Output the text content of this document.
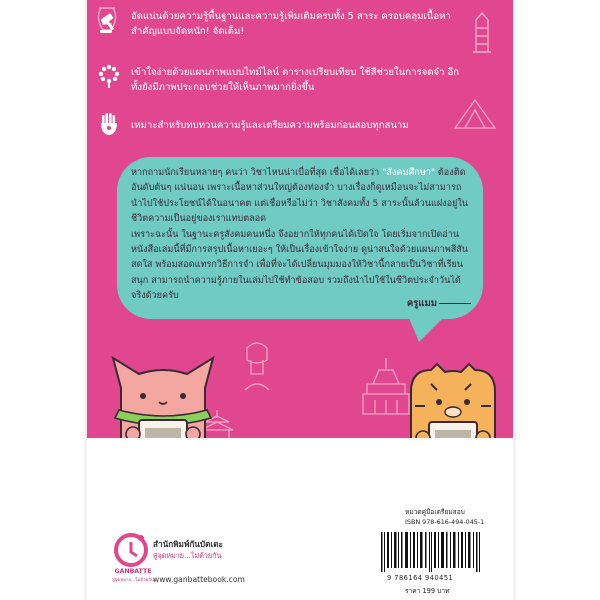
อัดแน่นด้วยความรู้พื้นฐานและความรู้เพิ่มเติมครบทั้ง 5 สาระ ครอบคลุมเนื้อหาสำคัญแบบจัดหนัก! จัดเต็ม!
เข้าใจง่ายด้วยแผนภาพแบบไทม์ไลน์ ตารางเปรียบเทียบ ใช้สีช่วยในการจดจำ อีกทั้งยังมีภาพประกอบช่วยให้เห็นภาพมากยิ่งขึ้น
เหมาะสำหรับทบทวนความรู้และเตรียมความพร้อมก่อนสอบทุกสนาม

หากถามนักเรียนหลายๆ คนว่า วิชาไหนน่าเบื่อที่สุด เชื่อได้เลยว่า "สังคมศึกษา" ต้องติดอันดับต้นๆ แน่นอน เพราะเนื้อหาส่วนใหญ่ต้องท่องจำ บางเรื่องก็ดูเหมือนจะไม่สามารถนำไปใช้ประโยชน์ได้ในอนาคต แต่เชื่อหรือไม่ว่า วิชาสังคมทั้ง 5 สาระนั้นล้วนแฝงอยู่ในชีวิตความเป็นอยู่ของเราแทบตลอด

เพราะฉะนั้น ในฐานะครูสังคมคนหนึ่ง จึงอยากให้ทุกคนได้เปิดใจ โดยเริ่มจากเปิดอ่านหนังสือเล่มนี้ที่มีการสรุปเนื้อหาเยอะๆ ให้เป็นเรื่องเข้าใจง่าย ดูน่าสนใจด้วยแผนภาพสีสันสดใส พร้อมสอดแทรกวิธีการจำ เพื่อที่จะได้เปลี่ยนมุมมองให้วิชานี้กลายเป็นวิชาที่เรียนสนุก สามารถนำความรู้ภายในเล่มไปใช้ทำข้อสอบ รวมถึงนำไปใช้ในชีวิตประจำวันได้จริงด้วยครับ

ครูแมม
GANBATTE
สู่จุดหมาย...ไม่ด้วยกัน
สำนักพิมพ์กันบัตเตะ
สู่จุดหมาย...ไม่ด้วยกัน
www.ganbattebook.com
หมวดคู่มือเตรียมสอบ
ISBN 978-616-494-045-1
9 786164 940451
ราคา 199 บาท
